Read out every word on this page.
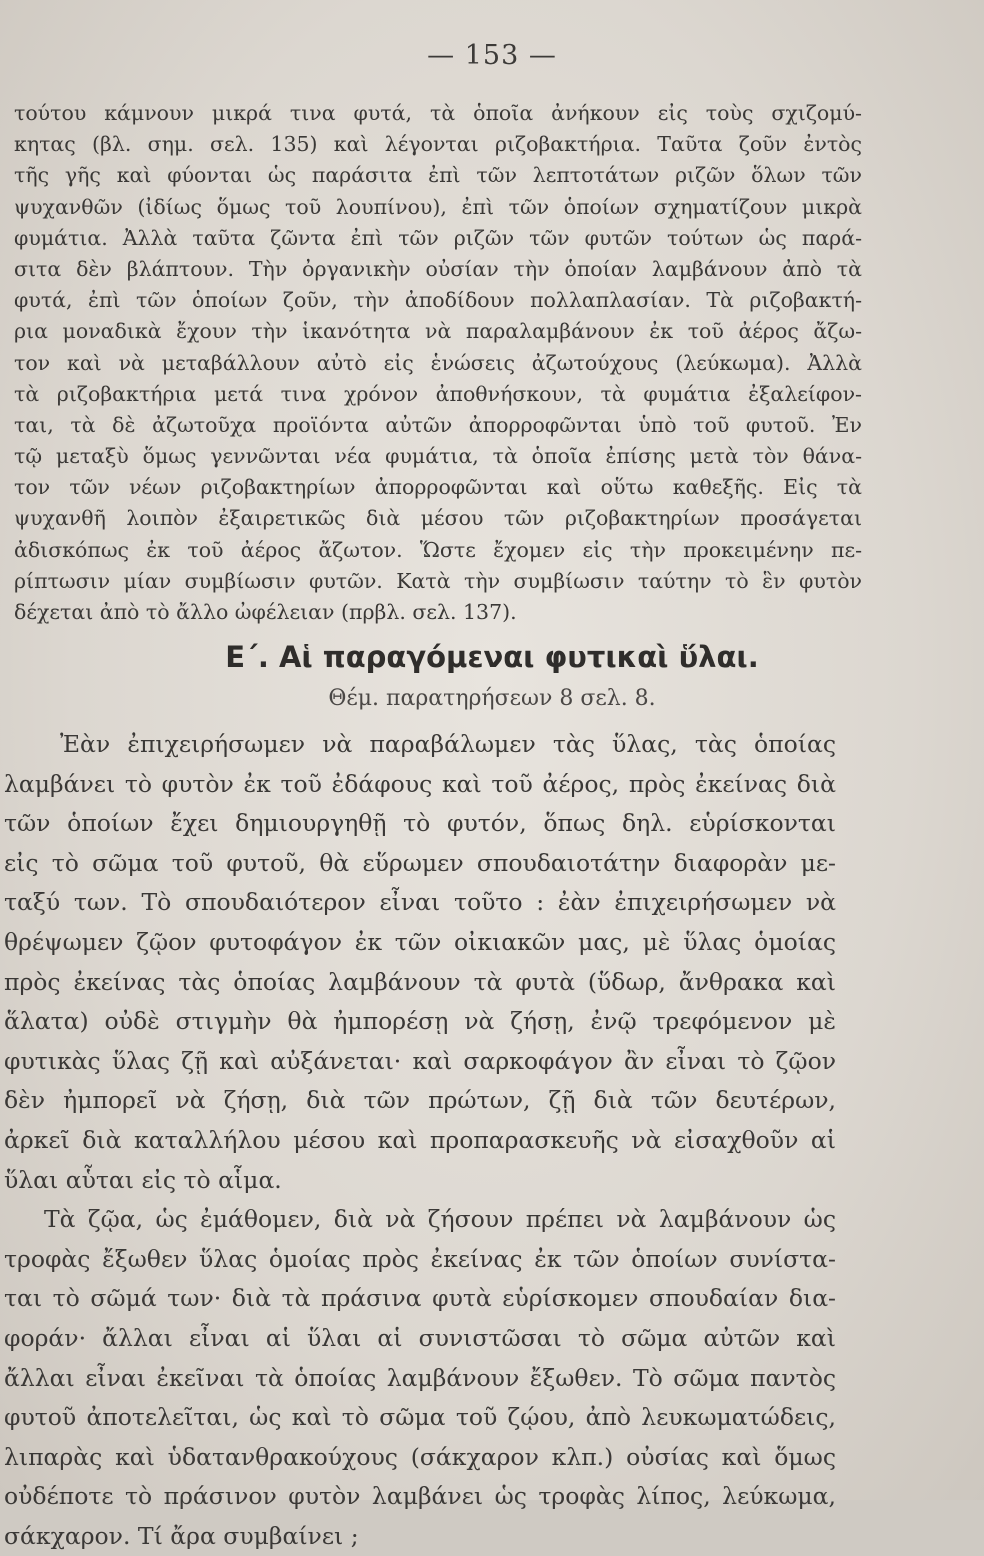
— 153 —
τούτου κάμνουν μικρά τινα φυτά, τὰ ὁποῖα ἀνήκουν εἰς τοὺς σχιζομύ-
κητας (βλ. σημ. σελ. 135) καὶ λέγονται ριζοβακτήρια. Ταῦτα ζοῦν ἐντὸς
τῆς γῆς καὶ φύονται ὡς παράσιτα ἐπὶ τῶν λεπτοτάτων ριζῶν ὅλων τῶν
ψυχανθῶν (ἰδίως ὅμως τοῦ λουπίνου), ἐπὶ τῶν ὁποίων σχηματίζουν μικρὰ
φυμάτια. Ἀλλὰ ταῦτα ζῶντα ἐπὶ τῶν ριζῶν τῶν φυτῶν τούτων ὡς παρά-
σιτα δὲν βλάπτουν. Τὴν ὀργανικὴν οὐσίαν τὴν ὁποίαν λαμβάνουν ἀπὸ τὰ
φυτά, ἐπὶ τῶν ὁποίων ζοῦν, τὴν ἀποδίδουν πολλαπλασίαν. Τὰ ριζοβακτή-
ρια μοναδικὰ ἔχουν τὴν ἱκανότητα νὰ παραλαμβάνουν ἐκ τοῦ ἀέρος ἄζω-
τον καὶ νὰ μεταβάλλουν αὐτὸ εἰς ἑνώσεις ἀζωτούχους (λεύκωμα). Ἀλλὰ
τὰ ριζοβακτήρια μετά τινα χρόνον ἀποθνήσκουν, τὰ φυμάτια ἐξαλείφον-
ται, τὰ δὲ ἀζωτοῦχα προϊόντα αὐτῶν ἀπορροφῶνται ὑπὸ τοῦ φυτοῦ. Ἐν
τῷ μεταξὺ ὅμως γεννῶνται νέα φυμάτια, τὰ ὁποῖα ἐπίσης μετὰ τὸν θάνα-
τον τῶν νέων ριζοβακτηρίων ἀπορροφῶνται καὶ οὕτω καθεξῆς. Εἰς τὰ
ψυχανθῆ λοιπὸν ἐξαιρετικῶς διὰ μέσου τῶν ριζοβακτηρίων προσάγεται
ἀδισκόπως ἐκ τοῦ ἀέρος ἄζωτον. Ὥστε ἔχομεν εἰς τὴν προκειμένην πε-
ρίπτωσιν μίαν συμβίωσιν φυτῶν. Κατὰ τὴν συμβίωσιν ταύτην τὸ ἓν φυτὸν
δέχεται ἀπὸ τὸ ἄλλο ὠφέλειαν (πρβλ. σελ. 137).
Ε΄. Αἱ παραγόμεναι φυτικαὶ ὕλαι.
Θέμ. παρατηρήσεων 8 σελ. 8.
Ἐὰν ἐπιχειρήσωμεν νὰ παραβάλωμεν τὰς ὕλας, τὰς ὁποίας
λαμβάνει τὸ φυτὸν ἐκ τοῦ ἐδάφους καὶ τοῦ ἀέρος, πρὸς ἐκείνας διὰ
τῶν ὁποίων ἔχει δημιουργηθῇ τὸ φυτόν, ὅπως δηλ. εὑρίσκονται
εἰς τὸ σῶμα τοῦ φυτοῦ, θὰ εὕρωμεν σπουδαιοτάτην διαφορὰν με-
ταξύ των. Τὸ σπουδαιότερον εἶναι τοῦτο : ἐὰν ἐπιχειρήσωμεν νὰ
θρέψωμεν ζῷον φυτοφάγον ἐκ τῶν οἰκιακῶν μας, μὲ ὕλας ὁμοίας
πρὸς ἐκείνας τὰς ὁποίας λαμβάνουν τὰ φυτὰ (ὕδωρ, ἄνθρακα καὶ
ἅλατα) οὐδὲ στιγμὴν θὰ ἠμπορέσῃ νὰ ζήσῃ, ἐνῷ τρεφόμενον μὲ
φυτικὰς ὕλας ζῇ καὶ αὐξάνεται· καὶ σαρκοφάγον ἂν εἶναι τὸ ζῷον
δὲν ἠμπορεῖ νὰ ζήσῃ, διὰ τῶν πρώτων, ζῇ διὰ τῶν δευτέρων,
ἀρκεῖ διὰ καταλλήλου μέσου καὶ προπαρασκευῆς νὰ εἰσαχθοῦν αἱ
ὕλαι αὗται εἰς τὸ αἷμα.
Τὰ ζῷα, ὡς ἐμάθομεν, διὰ νὰ ζήσουν πρέπει νὰ λαμβάνουν ὡς
τροφὰς ἔξωθεν ὕλας ὁμοίας πρὸς ἐκείνας ἐκ τῶν ὁποίων συνίστα-
ται τὸ σῶμά των· διὰ τὰ πράσινα φυτὰ εὑρίσκομεν σπουδαίαν δια-
φοράν· ἄλλαι εἶναι αἱ ὕλαι αἱ συνιστῶσαι τὸ σῶμα αὐτῶν καὶ
ἄλλαι εἶναι ἐκεῖναι τὰ ὁποίας λαμβάνουν ἔξωθεν. Τὸ σῶμα παντὸς
φυτοῦ ἀποτελεῖται, ὡς καὶ τὸ σῶμα τοῦ ζῴου, ἀπὸ λευκωματώδεις,
λιπαρὰς καὶ ὑδατανθρακούχους (σάκχαρον κλπ.) οὐσίας καὶ ὅμως
οὐδέποτε τὸ πράσινον φυτὸν λαμβάνει ὡς τροφὰς λίπος, λεύκωμα,
σάκχαρον. Τί ἄρα συμβαίνει ;
